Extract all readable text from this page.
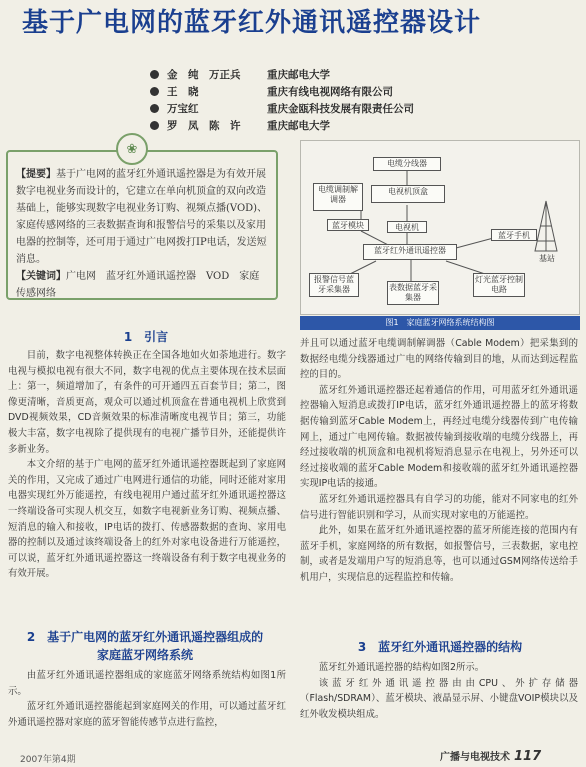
基于广电网的蓝牙红外通讯遥控器设计
金　纯　万正兵	重庆邮电大学
王　晓	重庆有线电视网络有限公司
万宝红	重庆金瓯科技发展有限责任公司
罗　凤　陈　许	重庆邮电大学
【提要】基于广电网的蓝牙红外通讯遥控器是为有效开展数字电视业务而设计的，它建立在单向机顶盒的双向改造基础上，能够实现数字电视业务订购、视频点播(VOD)、家庭传感网络的三表数据查询和报警信号的采集以及家用电器的控制等，还可用于通过广电网拨打IP电话，发送短消息。
【关键词】广电网　蓝牙红外通讯遥控器　VOD　家庭传感网络
❀
1　引言

目前，数字电视整体转换正在全国各地如火如荼地进行。数字电视与模拟电视有很大不同，数字电视的优点主要体现在技术层面上：第一，频道增加了，有条件的可开通四五百套节目；第二，图像更清晰，音质更高，观众可以通过机顶盒在普通电视机上欣赏到DVD视频效果，CD音频效果的标准清晰度电视节目；第三，功能极大丰富，数字电视除了提供现有的电视广播节目外，还能提供许多新业务。

本文介绍的基于广电网的蓝牙红外通讯遥控器既起到了家庭网关的作用，又完成了通过广电网进行通信的功能，同时还能对家用电器实现红外万能遥控，有线电视用户通过蓝牙红外通讯遥控器这一终端设备可实现人机交互，如数字电视新业务订购、视频点播、短消息的输入和接收，IP电话的拨打、传感器数据的查询、家用电器的控制以及通过该终端设备上的红外对家电设备进行万能遥控，可以说，蓝牙红外通讯遥控器这一终端设备有利于数字电视业务的有效开展。

2　基于广电网的蓝牙红外通讯遥控器组成的
家庭蓝牙网络系统

由蓝牙红外通讯遥控器组成的家庭蓝牙网络系统结构如图1所示。

蓝牙红外通讯遥控器能起到家庭网关的作用，可以通过蓝牙红外通讯遥控器对家庭的蓝牙智能传感节点进行监控，

电缆分线器
电缆调制解调器
电视机顶盒
蓝牙模块	电视机
蓝牙红外通讯遥控器
蓝牙手机
报警信号蓝牙采集器	表数据蓝牙采集器
灯光蓝牙控制电路
基站
图1　家庭蓝牙网络系统结构图

并且可以通过蓝牙电缆调制解调器（Cable Modem）把采集到的数据经电缆分线器通过广电的网络传输到目的地，从而达到远程监控的目的。

蓝牙红外通讯遥控器还起着通信的作用，可用蓝牙红外通讯遥控器输入短消息或拨打IP电话，蓝牙红外通讯遥控器上的蓝牙将数据传输到蓝牙Cable Modem上，再经过电缆分线器传到广电传输网上，通过广电网传输。数据被传输到接收端的电缆分线器上，再经过接收端的机顶盒和电视机将短消息显示在电视上，另外还可以经过接收端的蓝牙Cable Modem和接收端的蓝牙红外通讯遥控器实现IP电话的接通。

蓝牙红外通讯遥控器具有自学习的功能，能对不同家电的红外信号进行智能识别和学习，从而实现对家电的万能遥控。

此外，如果在蓝牙红外通讯遥控器的蓝牙所能连接的范围内有蓝牙手机，家庭网络的所有数据，如报警信号，三表数据，家电控制，或者是发端用户写的短消息等，也可以通过GSM网络传送给手机用户，实现信息的远程监控和传输。

3　蓝牙红外通讯遥控器的结构

蓝牙红外通讯遥控器的结构如图2所示。

该蓝牙红外通讯遥控器由由CPU、外扩存储器（Flash/SDRAM）、蓝牙模块、液晶显示屏、小键盘VOIP模块以及红外收发模块组成。

2007年第4期	广播与电视技术 117
